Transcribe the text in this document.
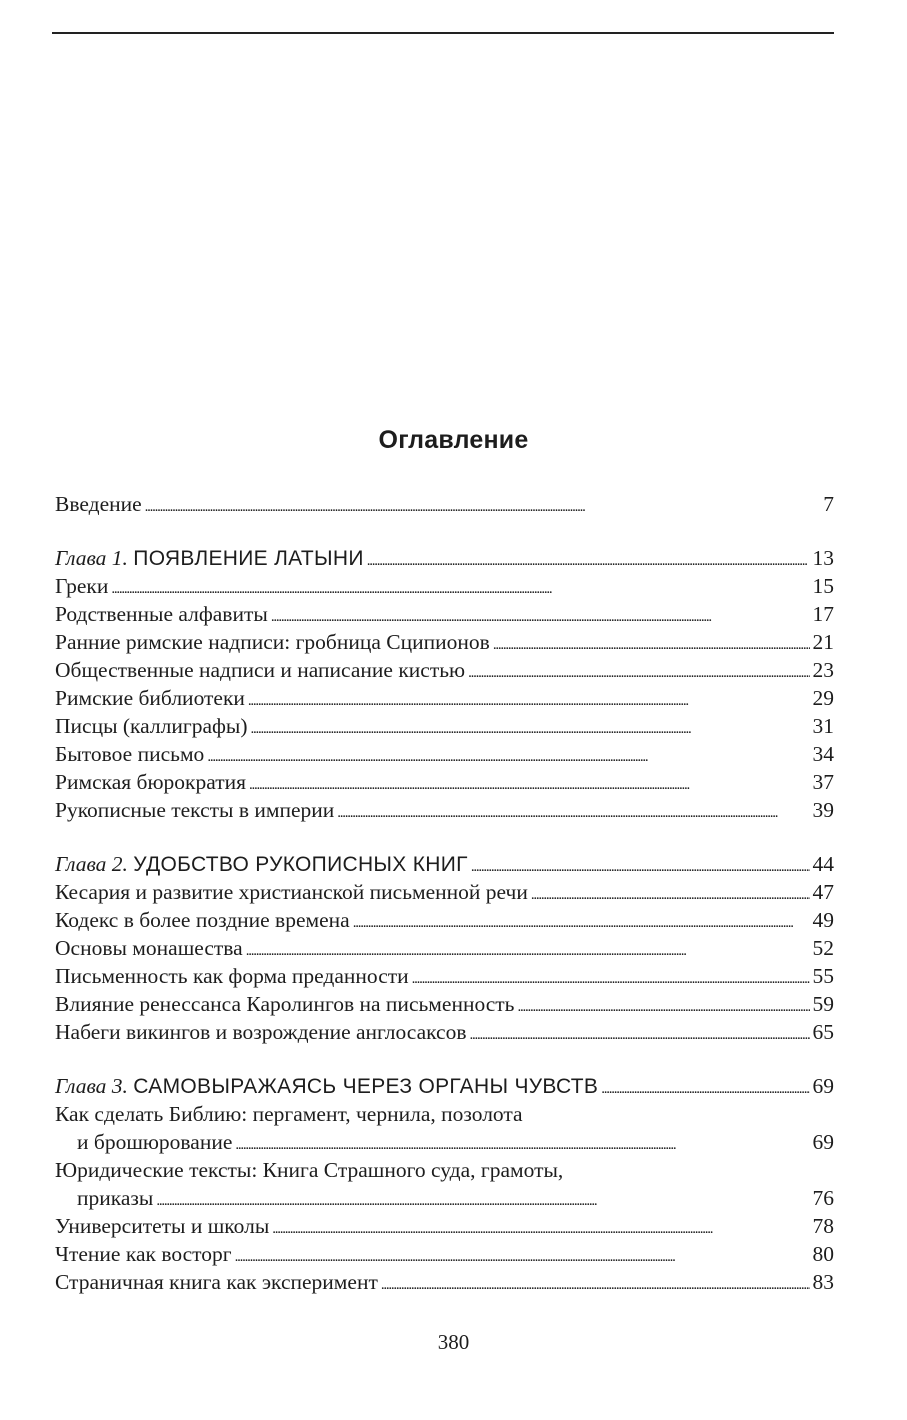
Оглавление
Введение . . .	7
Глава 1. ПОЯВЛЕНИЕ ЛАТЫНИ . . .	13
Греки . . .	15
Родственные алфавиты . . .	17
Ранние римские надписи: гробница Сципионов . . .	21
Общественные надписи и написание кистью . . .	23
Римские библиотеки . . .	29
Писцы (каллиграфы) . . .	31
Бытовое письмо . . .	34
Римская бюрократия . . .	37
Рукописные тексты в империи . . .	39
Глава 2. УДОБСТВО РУКОПИСНЫХ КНИГ . . .	44
Кесария и развитие христианской письменной речи . . .	47
Кодекс в более поздние времена . . .	49
Основы монашества . . .	52
Письменность как форма преданности . . .	55
Влияние ренессанса Каролингов на письменность . . .	59
Набеги викингов и возрождение англосаксов . . .	65
Глава 3. САМОВЫРАЖАЯСЬ ЧЕРЕЗ ОРГАНЫ ЧУВСТВ . . .	69
Как сделать Библию: пергамент, чернила, позолота
и брошюрование . . .	69
Юридические тексты: Книга Страшного суда, грамоты,
приказы . . .	76
Университеты и школы . . .	78
Чтение как восторг . . .	80
Страничная книга как эксперимент . . .	83
380
